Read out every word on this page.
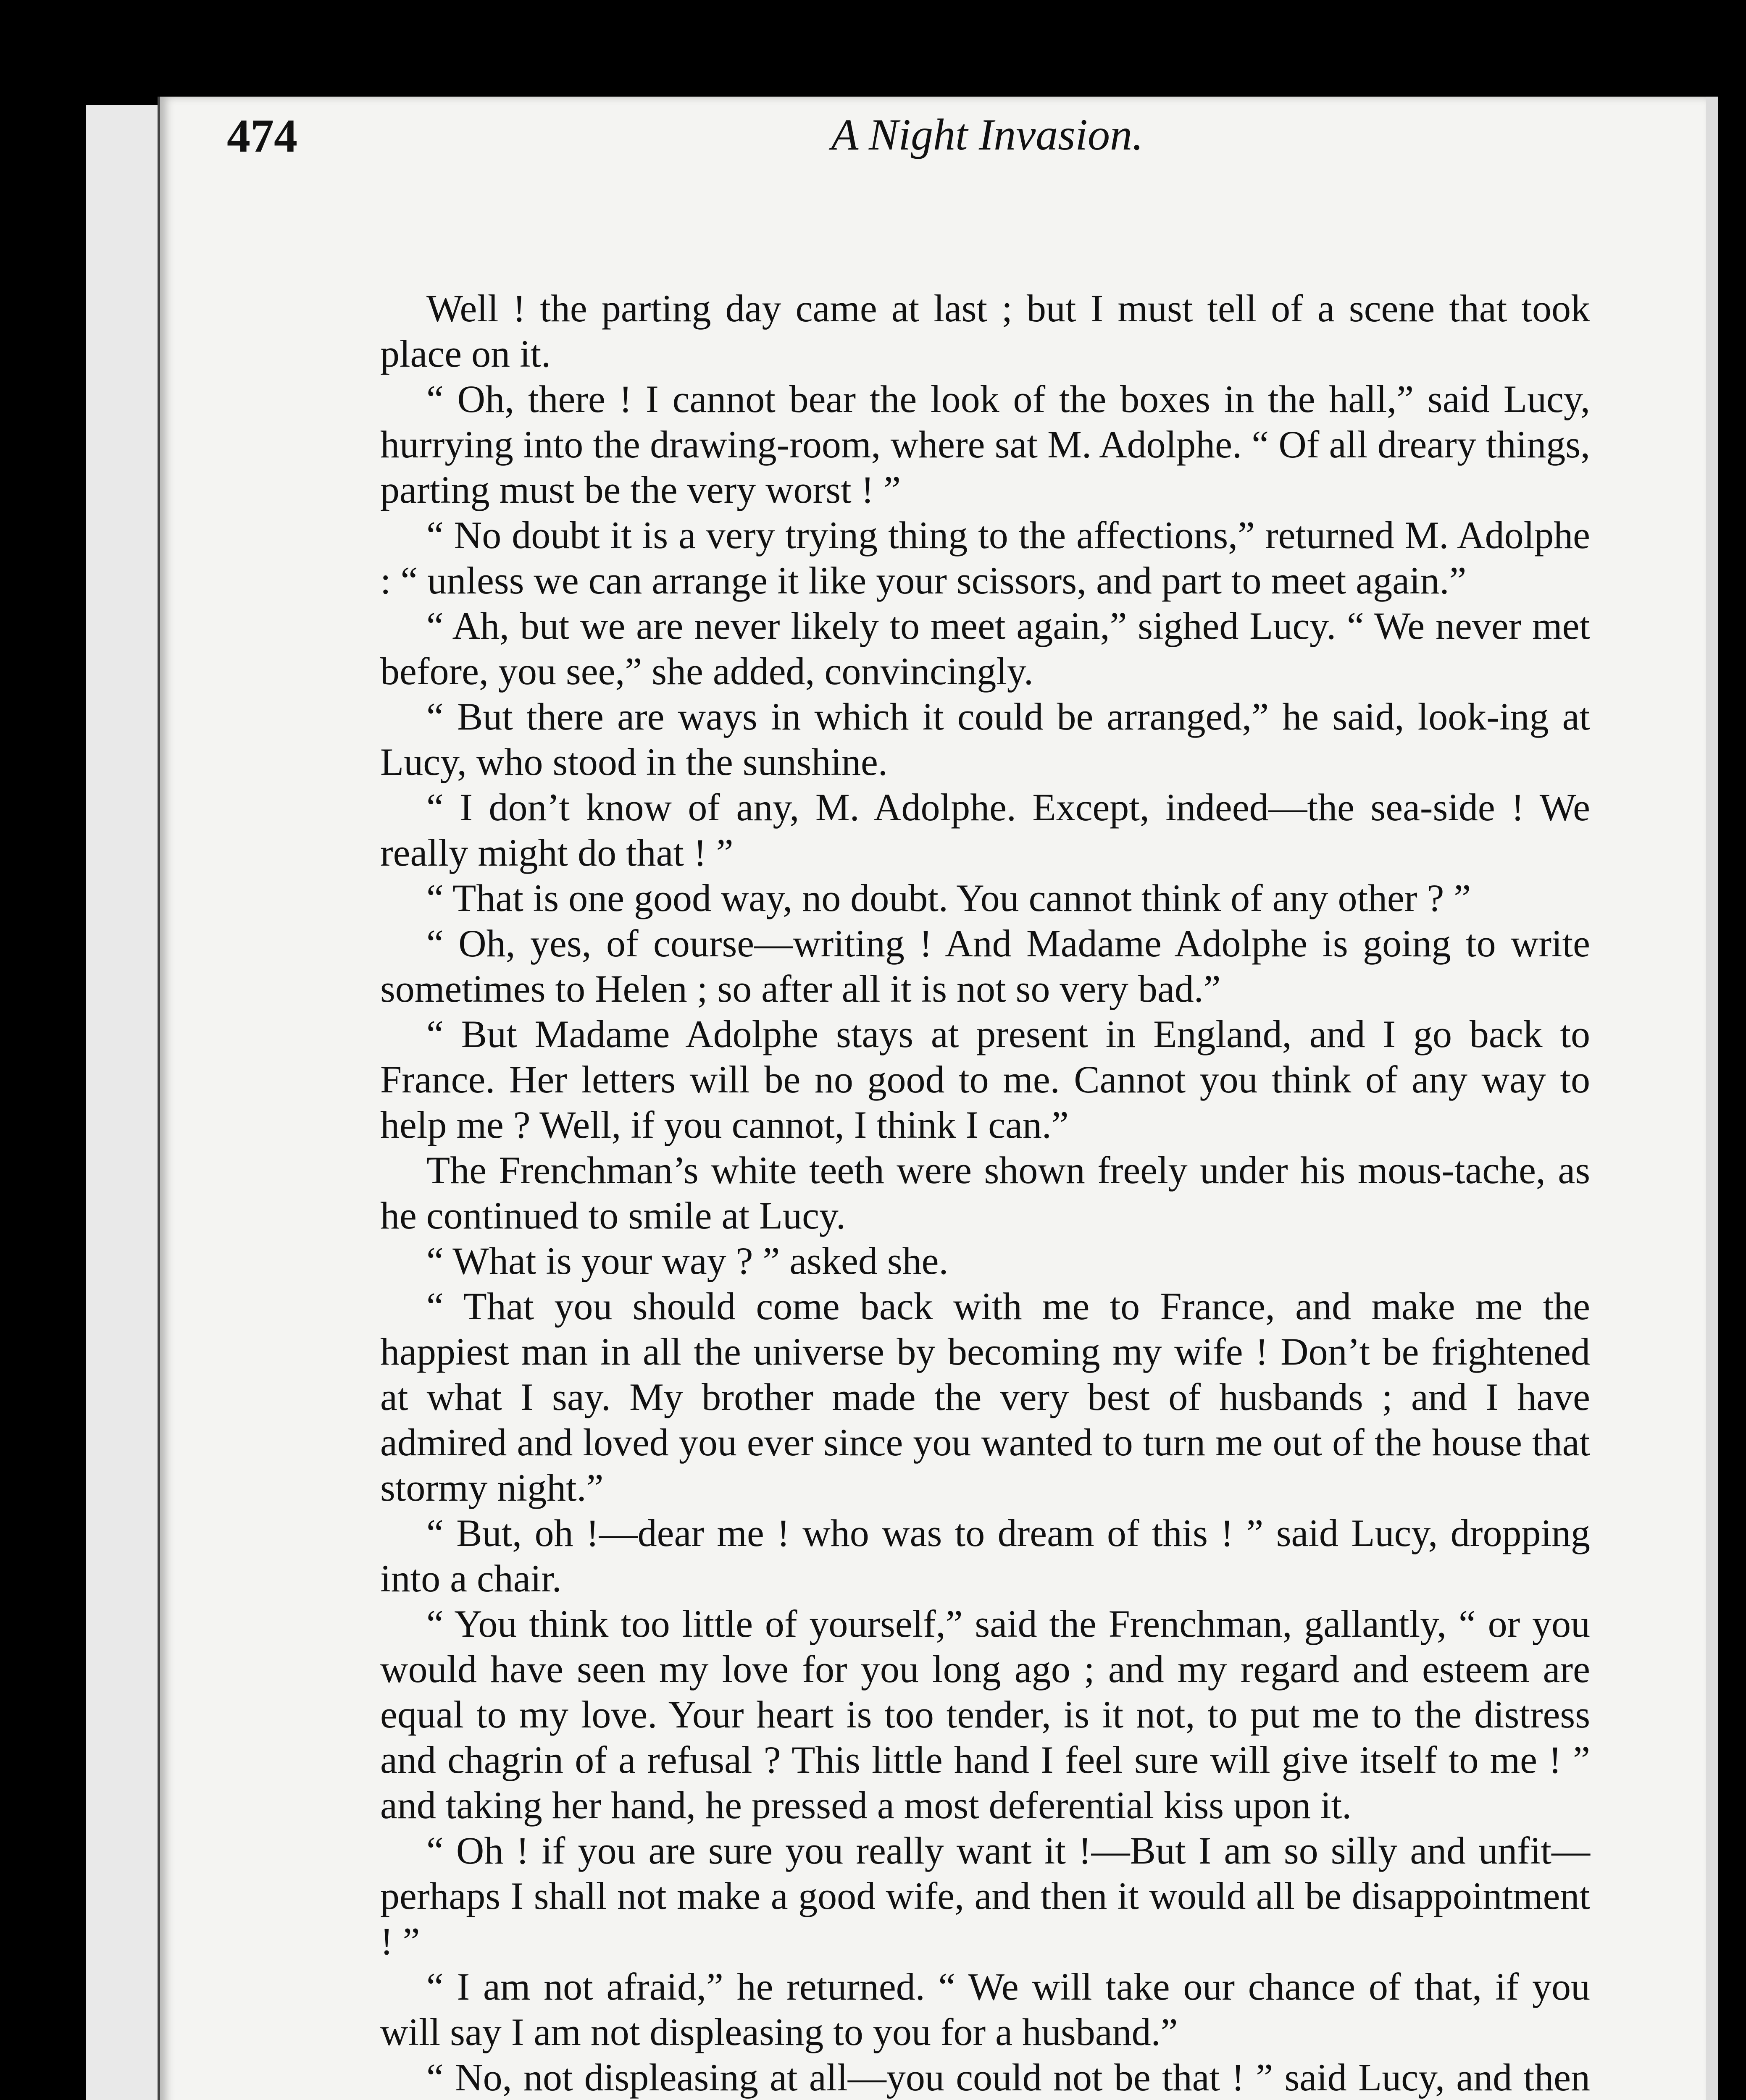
474	A Night Invasion.

Well ! the parting day came at last ; but I must tell of a scene that took place on it.

“ Oh, there ! I cannot bear the look of the boxes in the hall,” said Lucy, hurrying into the drawing-room, where sat M. Adolphe. “ Of all dreary things, parting must be the very worst ! ”

“ No doubt it is a very trying thing to the affections,” returned M. Adolphe : “ unless we can arrange it like your scissors, and part to meet again.”

“ Ah, but we are never likely to meet again,” sighed Lucy. “ We never met before, you see,” she added, convincingly.

“ But there are ways in which it could be arranged,” he said, look-ing at Lucy, who stood in the sunshine.

“ I don’t know of any, M. Adolphe. Except, indeed—the sea-side ! We really might do that ! ”

“ That is one good way, no doubt. You cannot think of any other ? ”

“ Oh, yes, of course—writing ! And Madame Adolphe is going to write sometimes to Helen ; so after all it is not so very bad.”

“ But Madame Adolphe stays at present in England, and I go back to France. Her letters will be no good to me. Cannot you think of any way to help me ? Well, if you cannot, I think I can.”

The Frenchman’s white teeth were shown freely under his mous-tache, as he continued to smile at Lucy.

“ What is your way ? ” asked she.

“ That you should come back with me to France, and make me the happiest man in all the universe by becoming my wife ! Don’t be frightened at what I say. My brother made the very best of husbands ; and I have admired and loved you ever since you wanted to turn me out of the house that stormy night.”

“ But, oh !—dear me ! who was to dream of this ! ” said Lucy, dropping into a chair.

“ You think too little of yourself,” said the Frenchman, gallantly, “ or you would have seen my love for you long ago ; and my regard and esteem are equal to my love. Your heart is too tender, is it not, to put me to the distress and chagrin of a refusal ? This little hand I feel sure will give itself to me ! ” and taking her hand, he pressed a most deferential kiss upon it.

“ Oh ! if you are sure you really want it !—But I am so silly and unfit—perhaps I shall not make a good wife, and then it would all be disappointment ! ”

“ I am not afraid,” he returned. “ We will take our chance of that, if you will say I am not displeasing to you for a husband.”

“ No, not displeasing at all—you could not be that ! ” said Lucy, and then
